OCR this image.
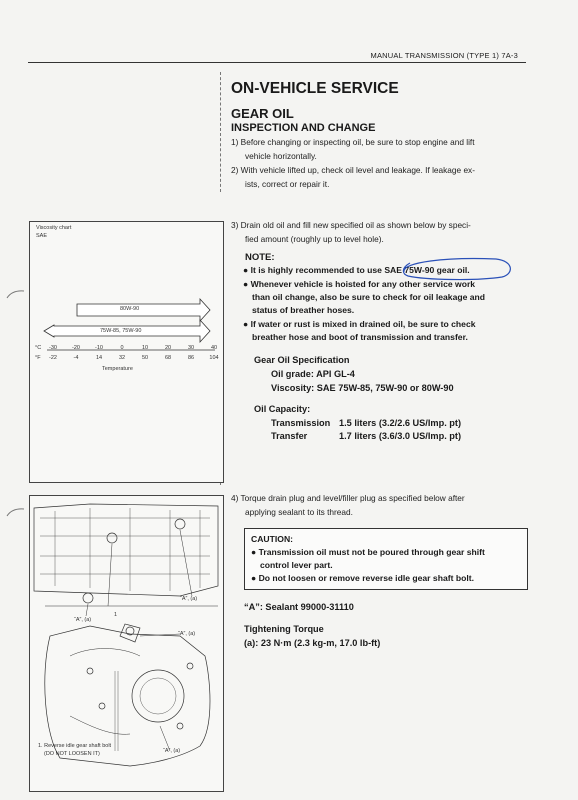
MANUAL TRANSMISSION (TYPE 1) 7A-3
ON-VEHICLE SERVICE
GEAR OIL
INSPECTION AND CHANGE
1) Before changing or inspecting oil, be sure to stop engine and lift
vehicle horizontally.
2) With vehicle lifted up, check oil level and leakage. If leakage ex-
ists, correct or repair it.
Viscosity chart
SAE
80W-90
75W-85, 75W-90
°C
°F
-30	-20	-10	0	10	20	30	40
-22	-4	14	32	50	68	86	104
Temperature
3) Drain old oil and fill new specified oil as shown below by speci-
fied amount (roughly up to level hole).
NOTE:
● It is highly recommended to use SAE 75W-90 gear oil.
● Whenever vehicle is hoisted for any other service work
than oil change, also be sure to check for oil leakage and
status of breather hoses.
● If water or rust is mixed in drained oil, be sure to check
breather hose and boot of transmission and transfer.
Gear Oil Specification
Oil grade: API GL-4
Viscosity: SAE 75W-85, 75W-90 or 80W-90
Oil Capacity:
Transmission 1.5 liters (3.2/2.6 US/Imp. pt)
Transfer	1.7 liters (3.6/3.0 US/Imp. pt)
4) Torque drain plug and level/filler plug as specified below after
applying sealant to its thread.
CAUTION:
● Transmission oil must not be poured through gear shift
control lever part.
● Do not loosen or remove reverse idle gear shaft bolt.
“A”: Sealant 99000-31110
Tightening Torque
(a): 23 N·m (2.3 kg-m, 17.0 lb-ft)
“A”, (a)
“A”, (a)
“A”, (a)
“A”, (a)
1
1. Reverse idle gear shaft bolt
(DO NOT LOOSEN IT)
